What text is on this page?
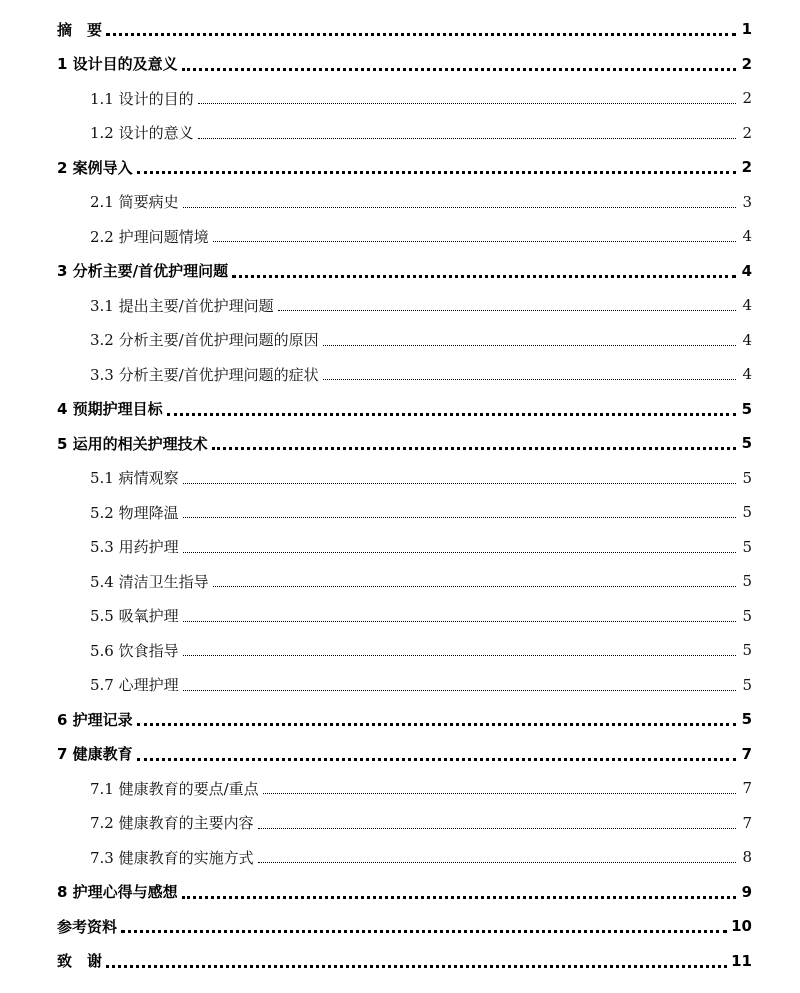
摘　要	1
1 设计目的及意义	2
1.1 设计的目的	2
1.2 设计的意义	2
2 案例导入	2
2.1 简要病史	3
2.2 护理问题情境	4
3 分析主要/首优护理问题	4
3.1 提出主要/首优护理问题	4
3.2 分析主要/首优护理问题的原因	4
3.3 分析主要/首优护理问题的症状	4
4 预期护理目标	5
5 运用的相关护理技术	5
5.1 病情观察	5
5.2 物理降温	5
5.3 用药护理	5
5.4 清洁卫生指导	5
5.5 吸氧护理	5
5.6 饮食指导	5
5.7 心理护理	5
6 护理记录	5
7 健康教育	7
7.1 健康教育的要点/重点	7
7.2 健康教育的主要内容	7
7.3 健康教育的实施方式	8
8 护理心得与感想	9
参考资料	10
致　谢	11
